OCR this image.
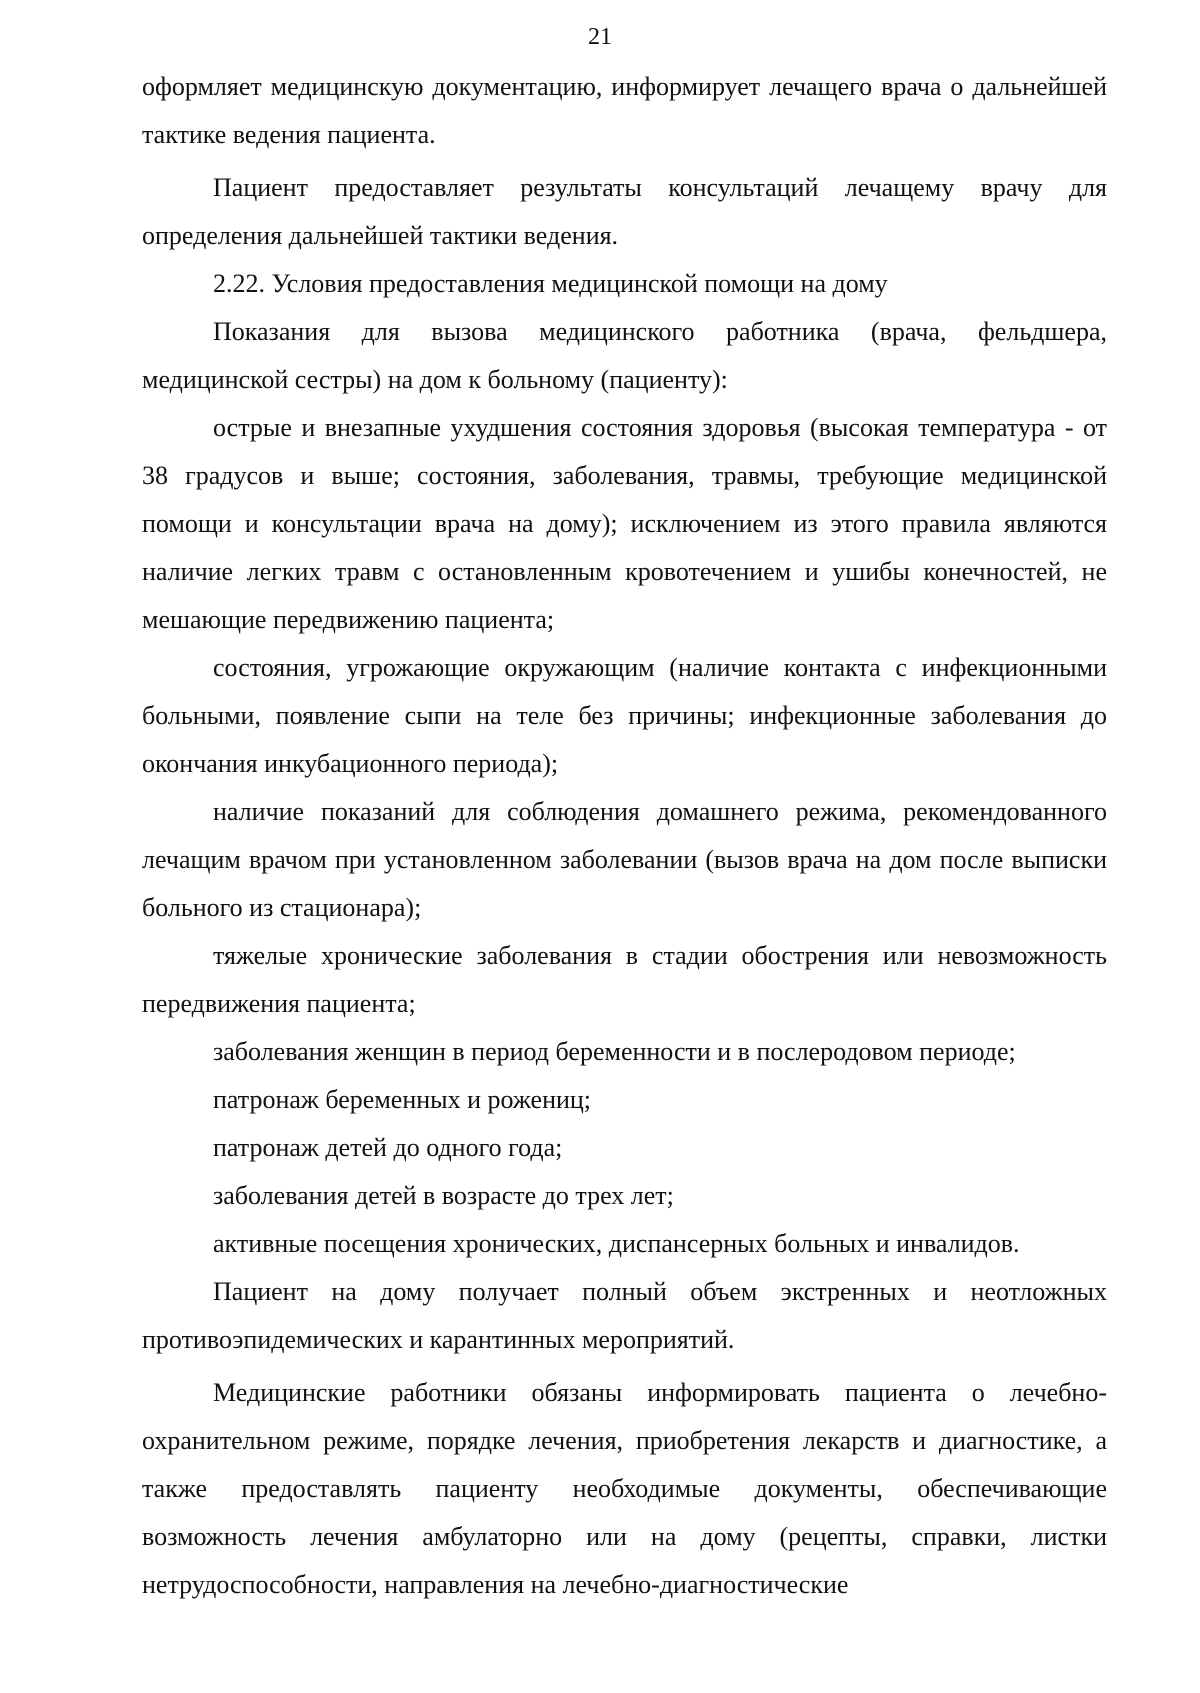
21

оформляет медицинскую документацию, информирует лечащего врача о дальнейшей тактике ведения пациента.

Пациент предоставляет результаты консультаций лечащему врачу для определения дальнейшей тактики ведения.

2.22. Условия предоставления медицинской помощи на дому

Показания для вызова медицинского работника (врача, фельдшера, медицинской сестры) на дом к больному (пациенту):

острые и внезапные ухудшения состояния здоровья (высокая температура - от 38 градусов и выше; состояния, заболевания, травмы, требующие медицинской помощи и консультации врача на дому); исключением из этого правила являются наличие легких травм с остановленным кровотечением и ушибы конечностей, не мешающие передвижению пациента;

состояния, угрожающие окружающим (наличие контакта с инфекционными больными, появление сыпи на теле без причины; инфекционные заболевания до окончания инкубационного периода);

наличие показаний для соблюдения домашнего режима, рекомендованного лечащим врачом при установленном заболевании (вызов врача на дом после выписки больного из стационара);

тяжелые хронические заболевания в стадии обострения или невозможность передвижения пациента;

заболевания женщин в период беременности и в послеродовом периоде;

патронаж беременных и рожениц;

патронаж детей до одного года;

заболевания детей в возрасте до трех лет;

активные посещения хронических, диспансерных больных и инвалидов.

Пациент на дому получает полный объем экстренных и неотложных противоэпидемических и карантинных мероприятий.

Медицинские работники обязаны информировать пациента о лечебно-охранительном режиме, порядке лечения, приобретения лекарств и диагностике, а также предоставлять пациенту необходимые документы, обеспечивающие возможность лечения амбулаторно или на дому (рецепты, справки, листки нетрудоспособности, направления на лечебно-диагностические
